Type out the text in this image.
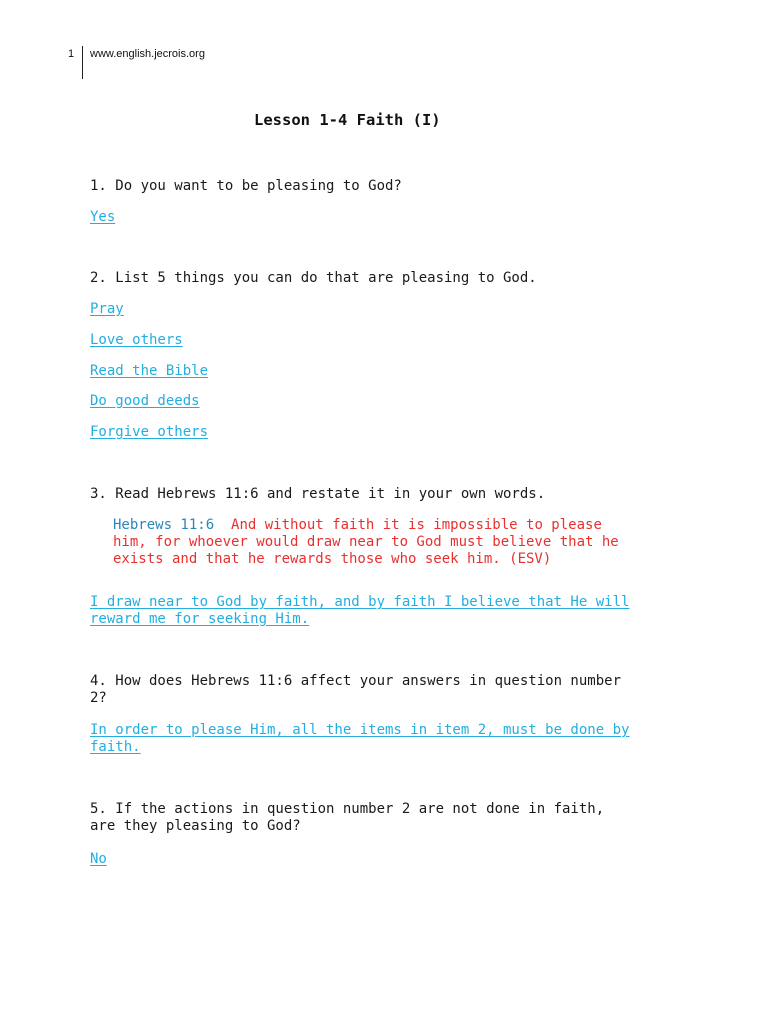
1 www.english.jecrois.org
Lesson 1-4 Faith (I)
1. Do you want to be pleasing to God?
Yes
2. List 5 things you can do that are pleasing to God.
Pray
Love others
Read the Bible
Do good deeds
Forgive others
3. Read Hebrews 11:6 and restate it in your own words.
Hebrews 11:6  And without faith it is impossible to please
him, for whoever would draw near to God must believe that he
exists and that he rewards those who seek him. (ESV)
I draw near to God by faith, and by faith I believe that He will
reward me for seeking Him.
4. How does Hebrews 11:6 affect your answers in question number
2?
In order to please Him, all the items in item 2, must be done by
faith.
5. If the actions in question number 2 are not done in faith,
are they pleasing to God?
No
